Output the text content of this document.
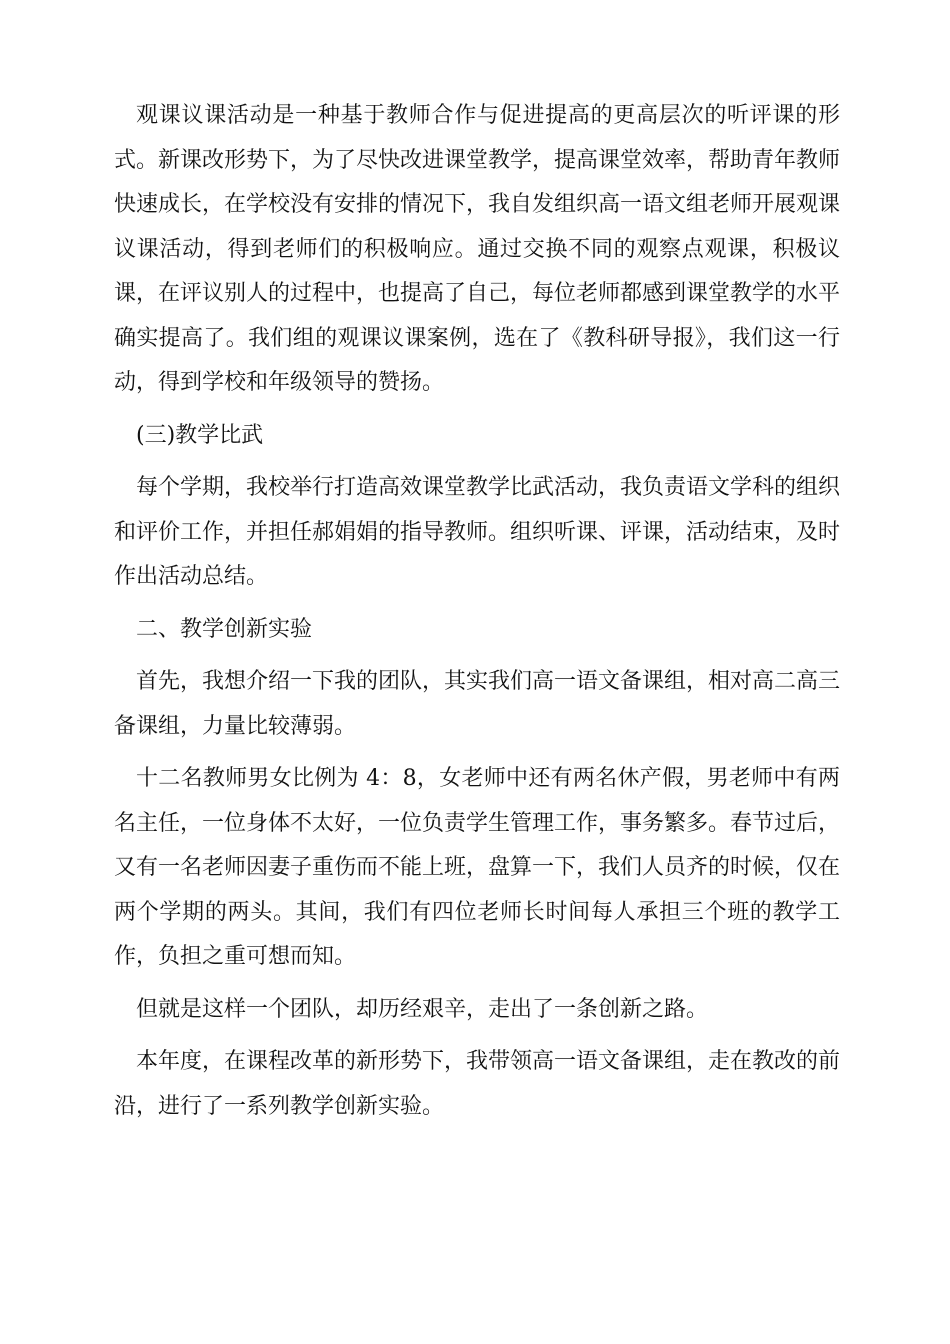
观课议课活动是一种基于教师合作与促进提高的更高层次的听评课的形式。新课改形势下，为了尽快改进课堂教学，提高课堂效率，帮助青年教师快速成长，在学校没有安排的情况下，我自发组织高一语文组老师开展观课议课活动，得到老师们的积极响应。通过交换不同的观察点观课，积极议课，在评议别人的过程中，也提高了自己，每位老师都感到课堂教学的水平确实提高了。我们组的观课议课案例，选在了《教科研导报》，我们这一行动，得到学校和年级领导的赞扬。

(三)教学比武

每个学期，我校举行打造高效课堂教学比武活动，我负责语文学科的组织和评价工作，并担任郝娟娟的指导教师。组织听课、评课，活动结束，及时作出活动总结。

二、教学创新实验

首先，我想介绍一下我的团队，其实我们高一语文备课组，相对高二高三备课组，力量比较薄弱。

十二名教师男女比例为 4：8，女老师中还有两名休产假，男老师中有两名主任，一位身体不太好，一位负责学生管理工作，事务繁多。春节过后，又有一名老师因妻子重伤而不能上班，盘算一下，我们人员齐的时候，仅在两个学期的两头。其间，我们有四位老师长时间每人承担三个班的教学工作，负担之重可想而知。

但就是这样一个团队，却历经艰辛，走出了一条创新之路。

本年度，在课程改革的新形势下，我带领高一语文备课组，走在教改的前沿，进行了一系列教学创新实验。
